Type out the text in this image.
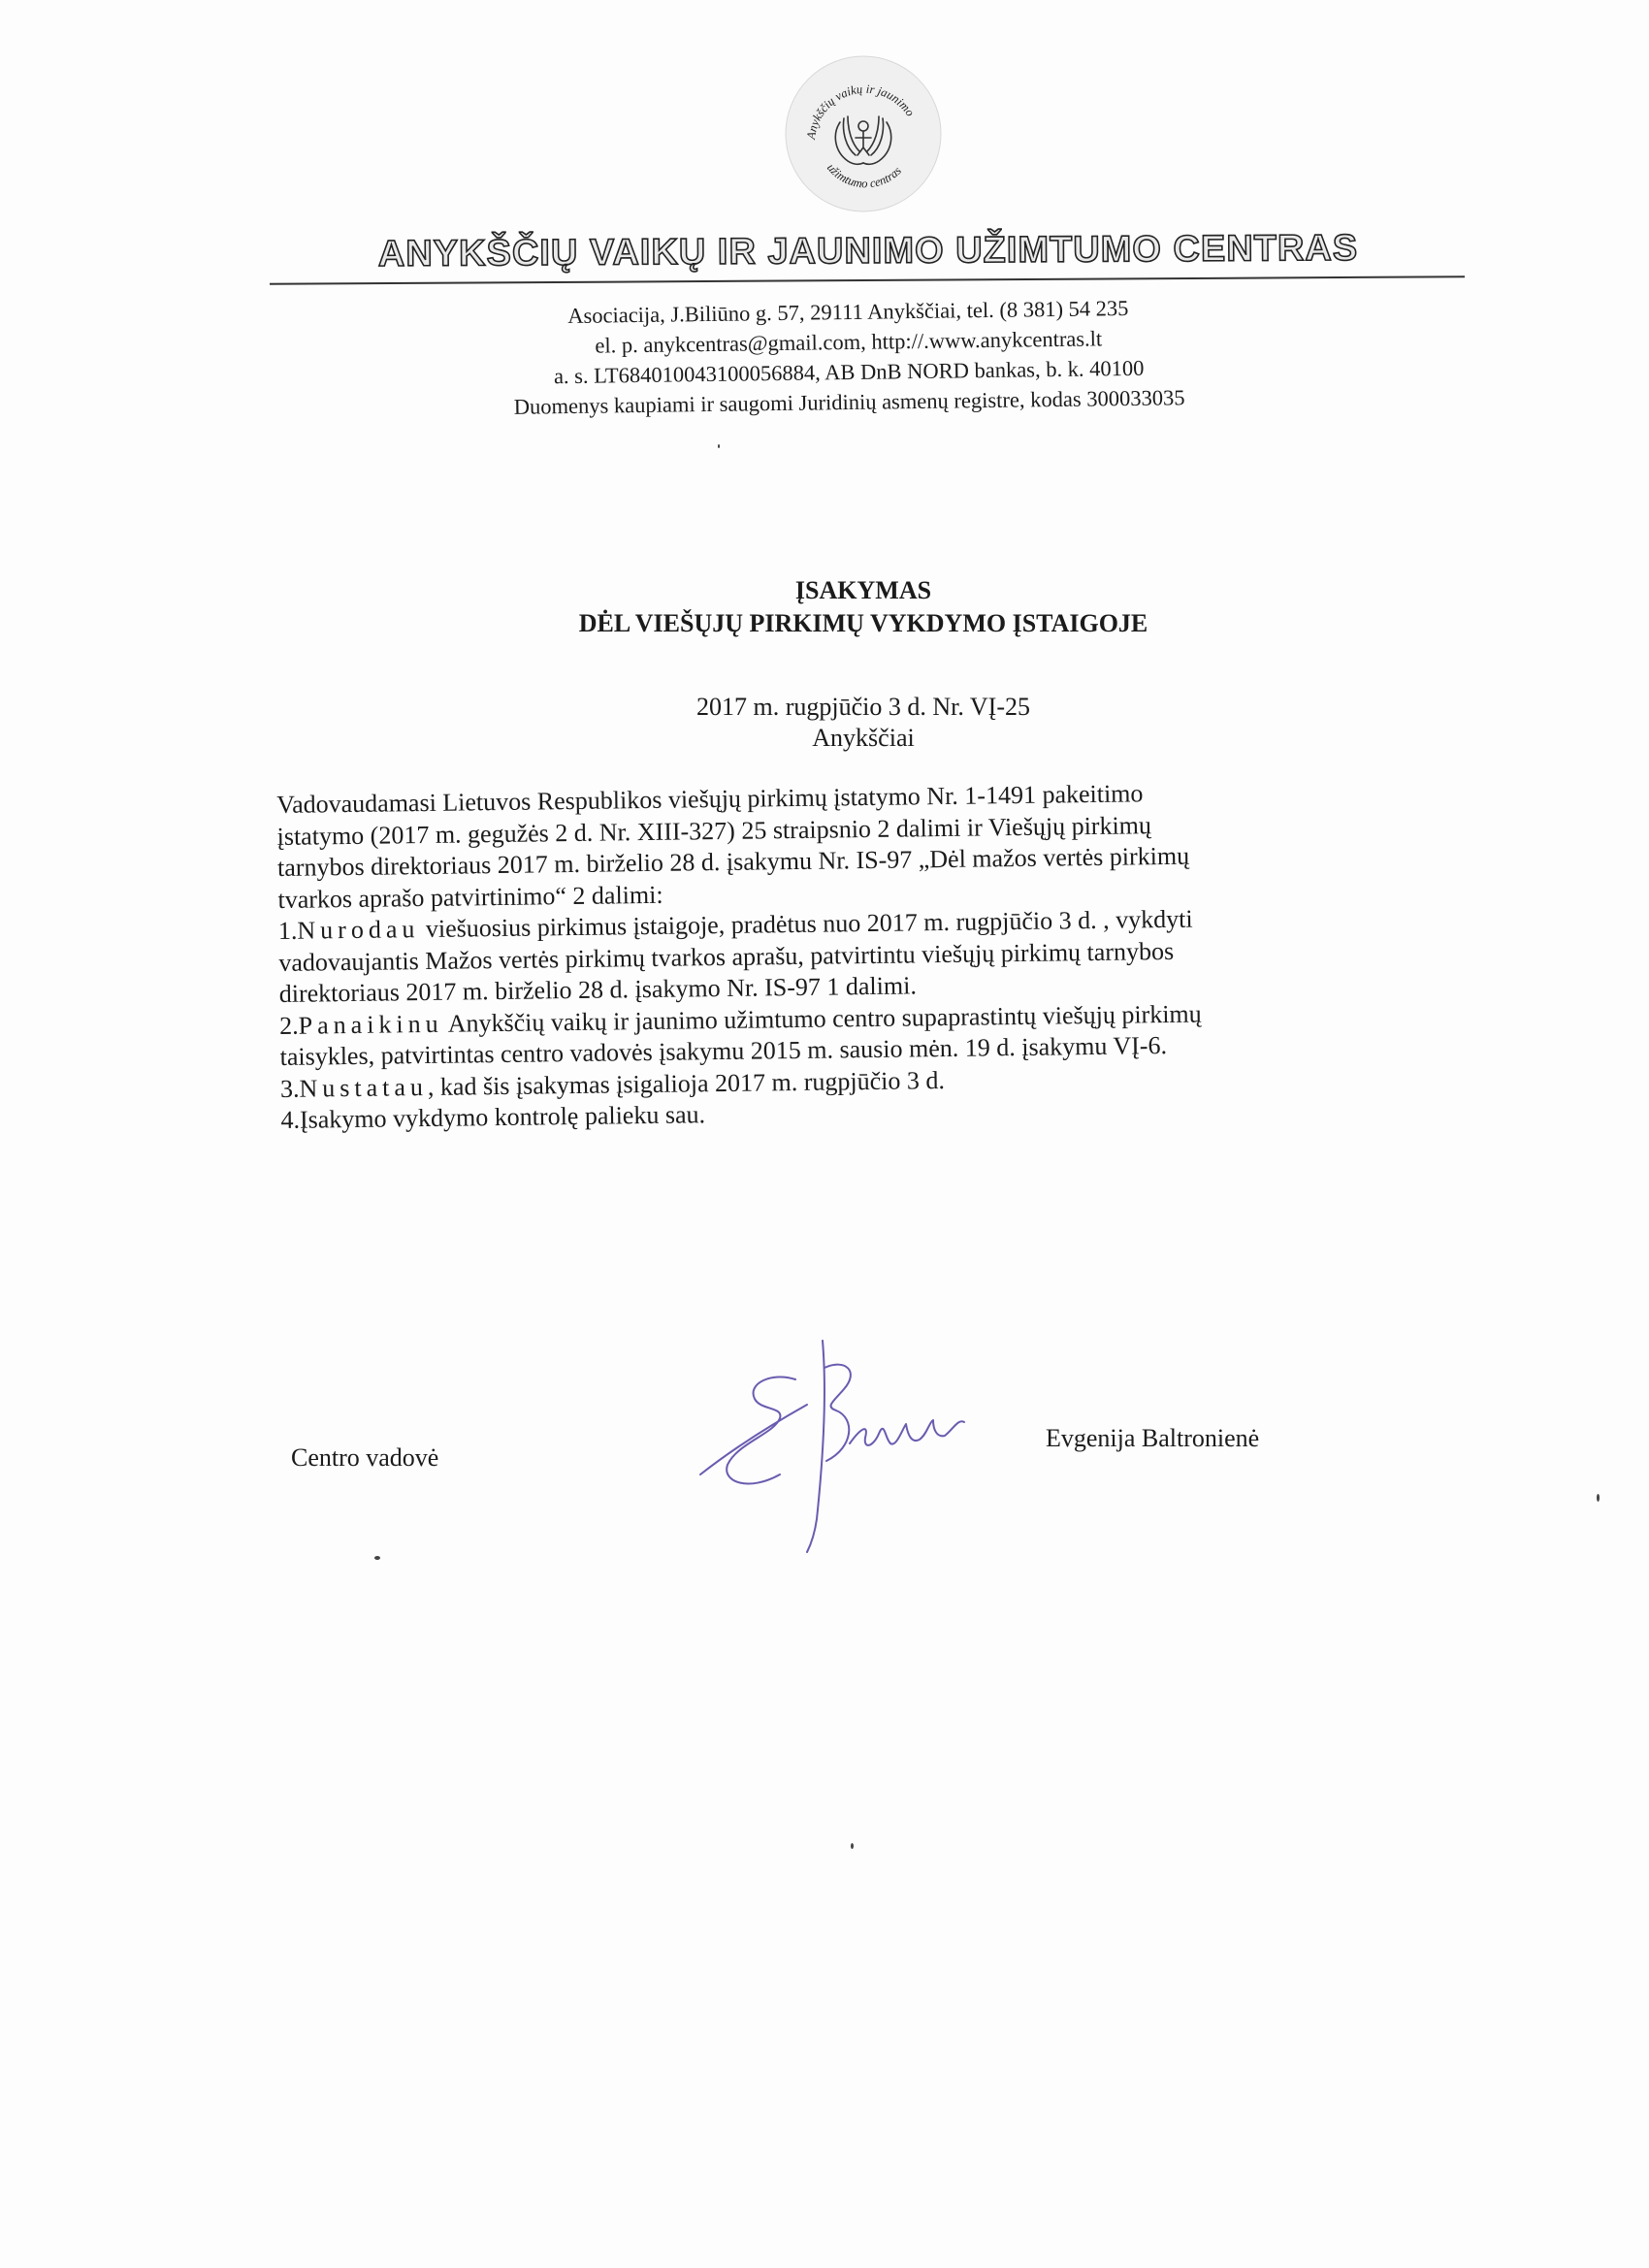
Anykščių vaikų ir jaunimo
užimtumo centras
ANYKŠČIŲ VAIKŲ IR JAUNIMO UŽIMTUMO CENTRAS
Asociacija, J.Biliūno g. 57, 29111 Anykščiai, tel. (8 381) 54 235
el. p. anykcentras@gmail.com, http://.www.anykcentras.lt
a. s. LT684010043100056884, AB DnB NORD bankas, b. k. 40100
Duomenys kaupiami ir saugomi Juridinių asmenų registre, kodas 300033035
ĮSAKYMAS
DĖL VIEŠŲJŲ PIRKIMŲ VYKDYMO ĮSTAIGOJE
2017 m. rugpjūčio 3 d. Nr. VĮ-25
Anykščiai
Vadovaudamasi Lietuvos Respublikos viešųjų pirkimų įstatymo Nr. 1-1491 pakeitimo
įstatymo (2017 m. gegužės 2 d. Nr. XIII-327) 25 straipsnio 2 dalimi ir Viešųjų pirkimų
tarnybos direktoriaus 2017 m. birželio 28 d. įsakymu Nr. IS-97 „Dėl mažos vertės pirkimų
tvarkos aprašo patvirtinimo“ 2 dalimi:
1.Nurodau viešuosius pirkimus įstaigoje, pradėtus nuo 2017 m. rugpjūčio 3 d. , vykdyti
vadovaujantis Mažos vertės pirkimų tvarkos aprašu, patvirtintu viešųjų pirkimų tarnybos
direktoriaus 2017 m. birželio 28 d. įsakymo Nr. IS-97 1 dalimi.
2.Panaikinu Anykščių vaikų ir jaunimo užimtumo centro supaprastintų viešųjų pirkimų
taisykles, patvirtintas centro vadovės įsakymu 2015 m. sausio mėn. 19 d. įsakymu VĮ-6.
3.Nustatau, kad šis įsakymas įsigalioja 2017 m. rugpjūčio 3 d.
4.Įsakymo vykdymo kontrolę palieku sau.
Centro vadovė
Evgenija Baltronienė
